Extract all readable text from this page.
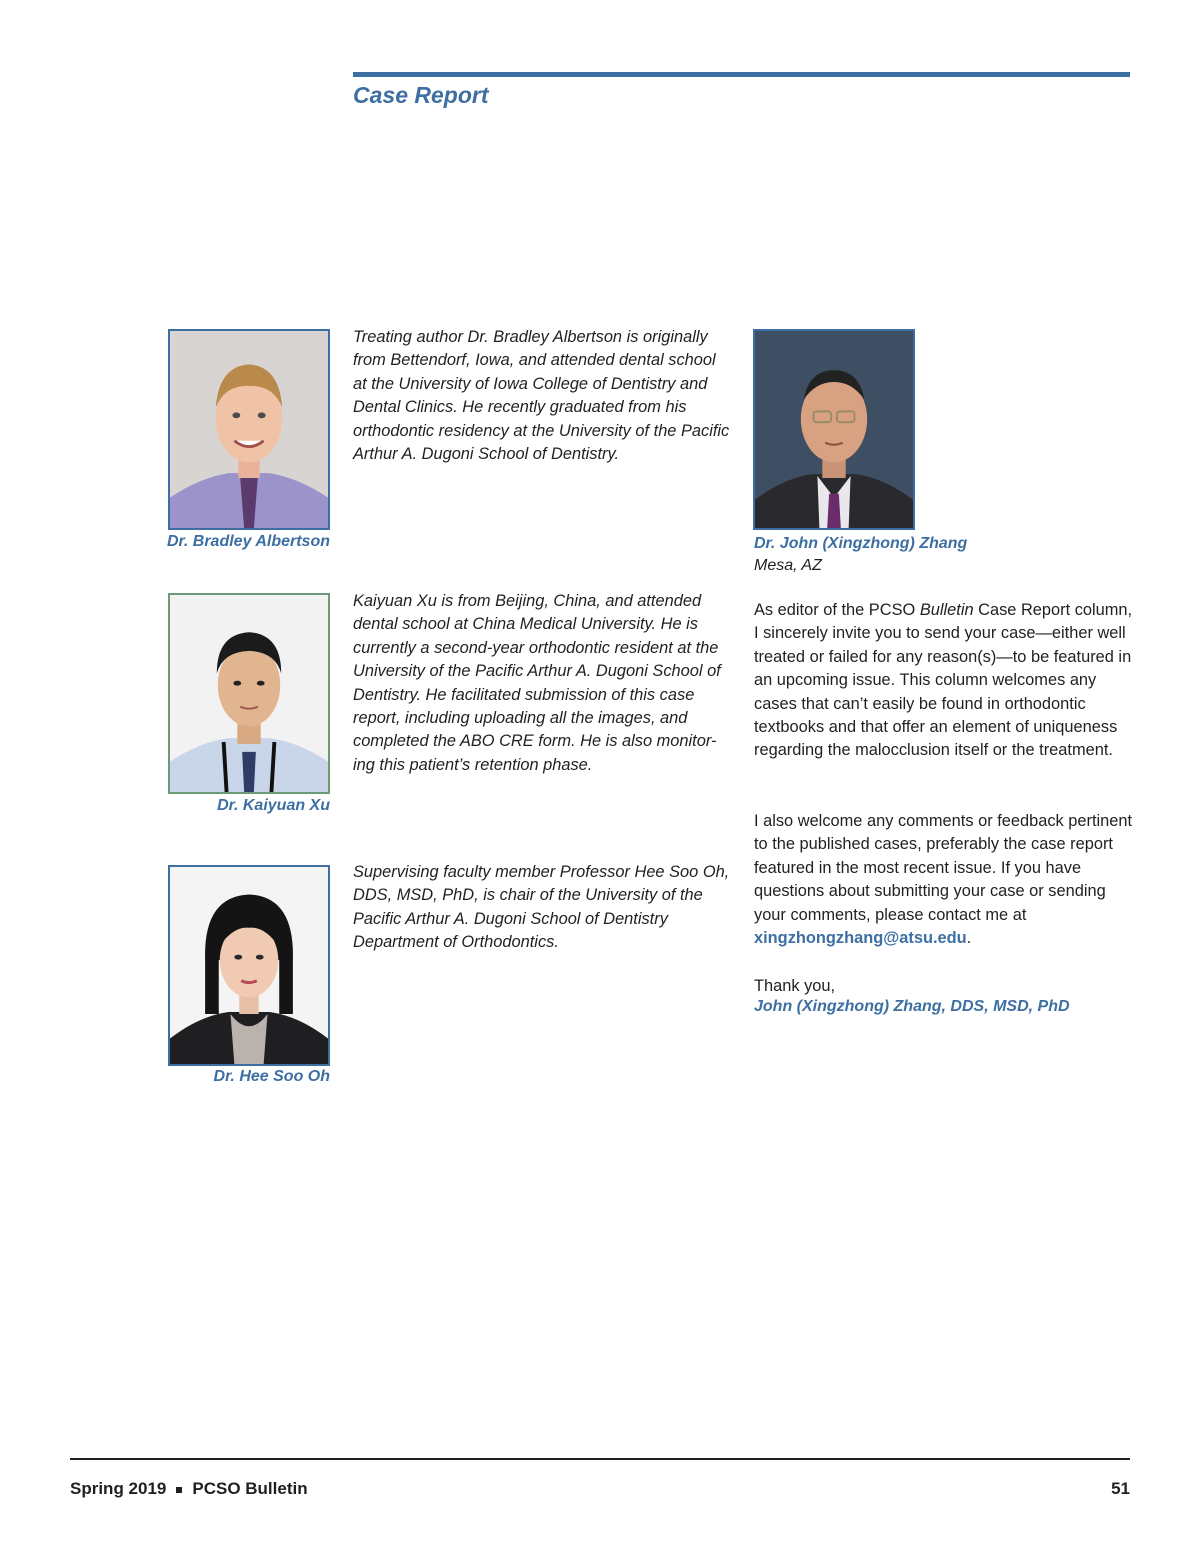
Case Report
Dr. Bradley Albertson
Treating author Dr. Bradley Albertson is originally from Bettendorf, Iowa, and attended dental school at the University of Iowa College of Dentistry and Dental Clinics. He recently graduated from his orthodontic residency at the University of the Pacific Arthur A. Dugoni School of Dentistry.
Dr. Kaiyuan Xu
Kaiyuan Xu is from Beijing, China, and attended dental school at China Medical University. He is currently a second-year orthodontic resident at the University of the Pacific Arthur A. Dugoni School of Dentistry. He facilitated submission of this case report, including uploading all the images, and completed the ABO CRE form. He is also monitor-ing this patient’s retention phase.
Dr. Hee Soo Oh
Supervising faculty member Professor Hee Soo Oh, DDS, MSD, PhD, is chair of the University of the Pacific Arthur A. Dugoni School of Dentistry Department of Orthodontics.
Dr. John (Xingzhong) Zhang
Mesa, AZ
As editor of the PCSO Bulletin Case Report column, I sincerely invite you to send your case—either well treated or failed for any reason(s)—to be featured in an upcoming issue. This column welcomes any cases that can’t easily be found in orthodontic textbooks and that offer an element of uniqueness regarding the malocclusion itself or the treatment.
I also welcome any comments or feedback pertinent to the published cases, preferably the case report featured in the most recent issue. If you have questions about submitting your case or sending your comments, please contact me at xingzhongzhang@atsu.edu.
Thank you,
John (Xingzhong) Zhang, DDS, MSD, PhD
Spring 2019 PCSO Bulletin	51
